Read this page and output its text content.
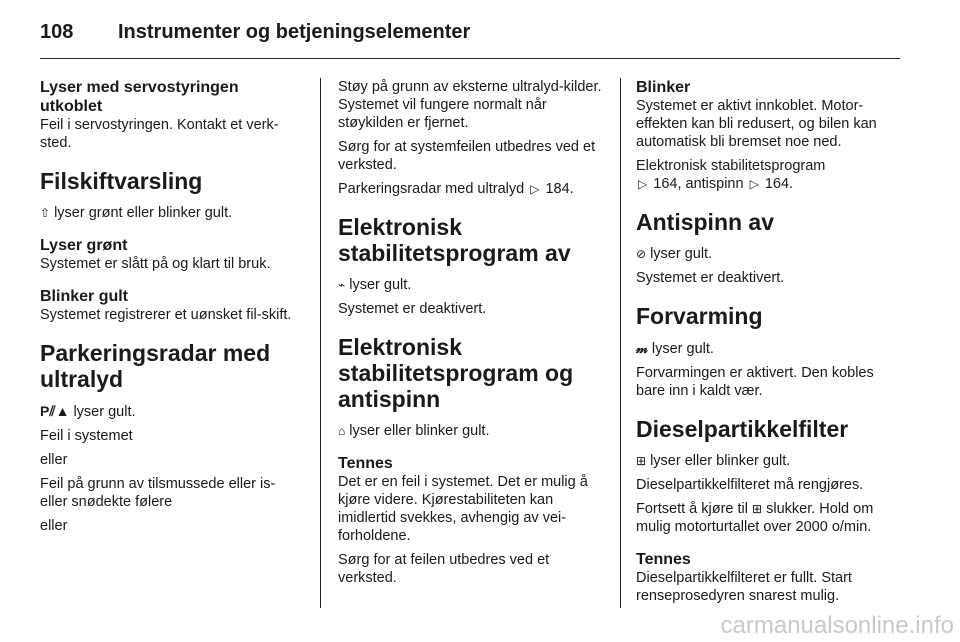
108	Instrumenter og betjeningselementer

Lyser med servostyringen utkoblet

Feil i servostyringen. Kontakt et verk-sted.

Filskiftvarsling

⇧ lyser grønt eller blinker gult.

Lyser grønt

Systemet er slått på og klart til bruk.

Blinker gult

Systemet registrerer et uønsket fil-skift.

Parkeringsradar med ultralyd

P⫽▲ lyser gult.

Feil i systemet

eller

Feil på grunn av tilsmussede eller is- eller snødekte følere

eller

Støy på grunn av eksterne ultralyd-kilder. Systemet vil fungere normalt når støykilden er fjernet.

Sørg for at systemfeilen utbedres ved et verksted.

Parkeringsradar med ultralyd ▷ 184.

Elektronisk stabilitetsprogram av

⌁ lyser gult.

Systemet er deaktivert.

Elektronisk stabilitetsprogram og antispinn

⌂ lyser eller blinker gult.

Tennes

Det er en feil i systemet. Det er mulig å kjøre videre. Kjørestabiliteten kan imidlertid svekkes, avhengig av vei-forholdene.

Sørg for at feilen utbedres ved et verksted.

Blinker

Systemet er aktivt innkoblet. Motor-effekten kan bli redusert, og bilen kan automatisk bli bremset noe ned.

Elektronisk stabilitetsprogram
▷ 164, antispinn ▷ 164.

Antispinn av

⊘ lyser gult.

Systemet er deaktivert.

Forvarming

𝓂 lyser gult.

Forvarmingen er aktivert. Den kobles bare inn i kaldt vær.

Dieselpartikkelfilter

⊞ lyser eller blinker gult.

Dieselpartikkelfilteret må rengjøres.

Fortsett å kjøre til ⊞ slukker. Hold om mulig motorturtallet over 2000 o/min.

Tennes

Dieselpartikkelfilteret er fullt. Start renseprosedyren snarest mulig.

carmanualsonline.info
